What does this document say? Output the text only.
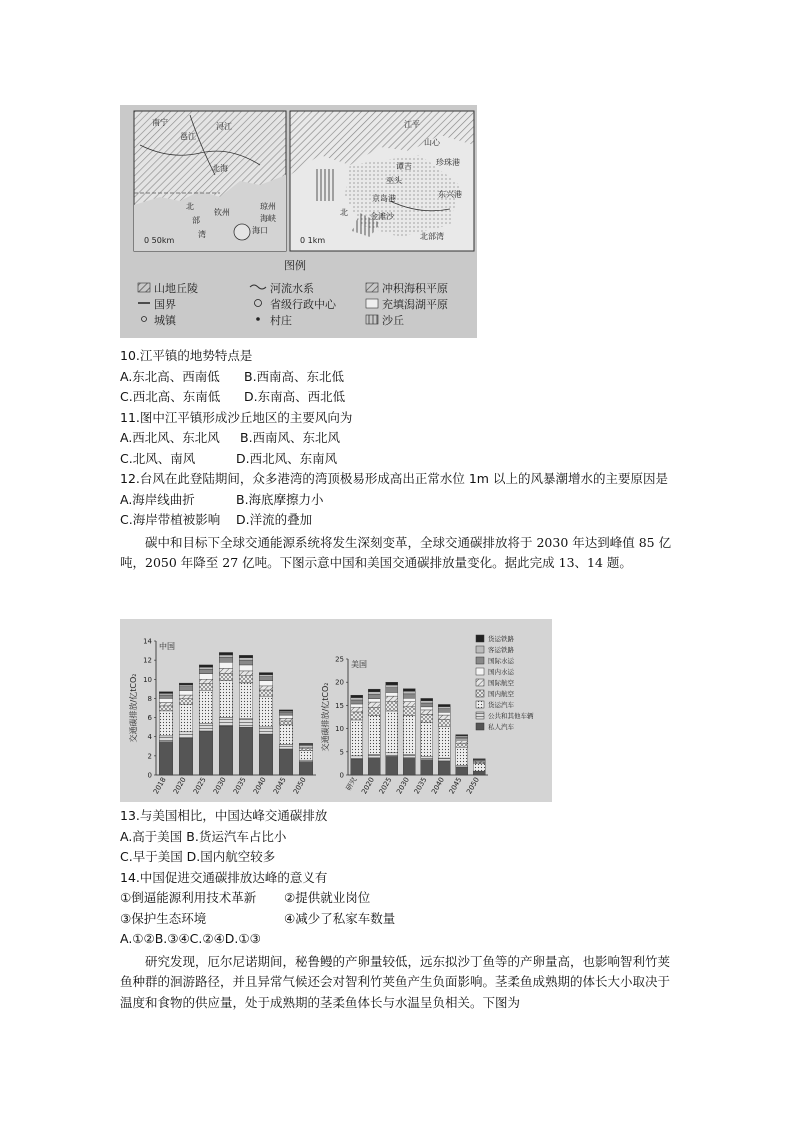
南宁
邕江
浔江
北海
北
部
钦州
湾	海口
琼州
海峡
0 50km
江平
山心
巫头
谭吉
京岛港
金滩沙
珍珠港
东兴港
北部湾
北
0 1km
图例
山地丘陵	河流水系	冲积海积平原
国界	省级行政中心	充填潟湖平原
城镇	村庄	沙丘
10.江平镇的地势特点是
A.东北高、西南低 B.西南高、东北低
C.西北高、东南低 D.东南高、西北低
11.图中江平镇形成沙丘地区的主要风向为
A.西北风、东北风 B.西南风、东北风
C.北风、南风	D.西北风、东南风
12.台风在此登陆期间，众多港湾的湾顶极易形成高出正常水位 1m 以上的风暴潮增水的主要原因是
A.海岸线曲折	B.海底摩擦力小
C.海岸带植被影响 D.洋流的叠加
碳中和目标下全球交通能源系统将发生深刻变革，全球交通碳排放将于 2030 年达到峰值 85 亿吨，2050 年降至 27 亿吨。下图示意中国和美国交通碳排放量变化。据此完成 13、14 题。
0
2
4
6
8
10
12
14
中国
交通碳排放/亿tCO₂
2018 2020 2025 2030 2035 2040 2045 2050
0
5
10
15
20
25
美国
交通碳排放/亿tCO₂
研究 2020 2025 2030 2035 2040 2045 2050
货运铁路
客运铁路
国际水运
国内水运
国际航空
国内航空
货运汽车
公共和其他车辆
私人汽车
13.与美国相比，中国达峰交通碳排放
A.高于美国 B.货运汽车占比小
C.早于美国 D.国内航空较多
14.中国促进交通碳排放达峰的意义有
①倒逼能源利用技术革新 ②提供就业岗位
③保护生态环境	④减少了私家车数量
A.①②B.③④C.②④D.①③
研究发现，厄尔尼诺期间，秘鲁鳗的产卵量较低，远东拟沙丁鱼等的产卵量高，也影响智利竹荚鱼种群的洄游路径，并且异常气候还会对智利竹荚鱼产生负面影响。茎柔鱼成熟期的体长大小取决于温度和食物的供应量，处于成熟期的茎柔鱼体长与水温呈负相关。下图为
